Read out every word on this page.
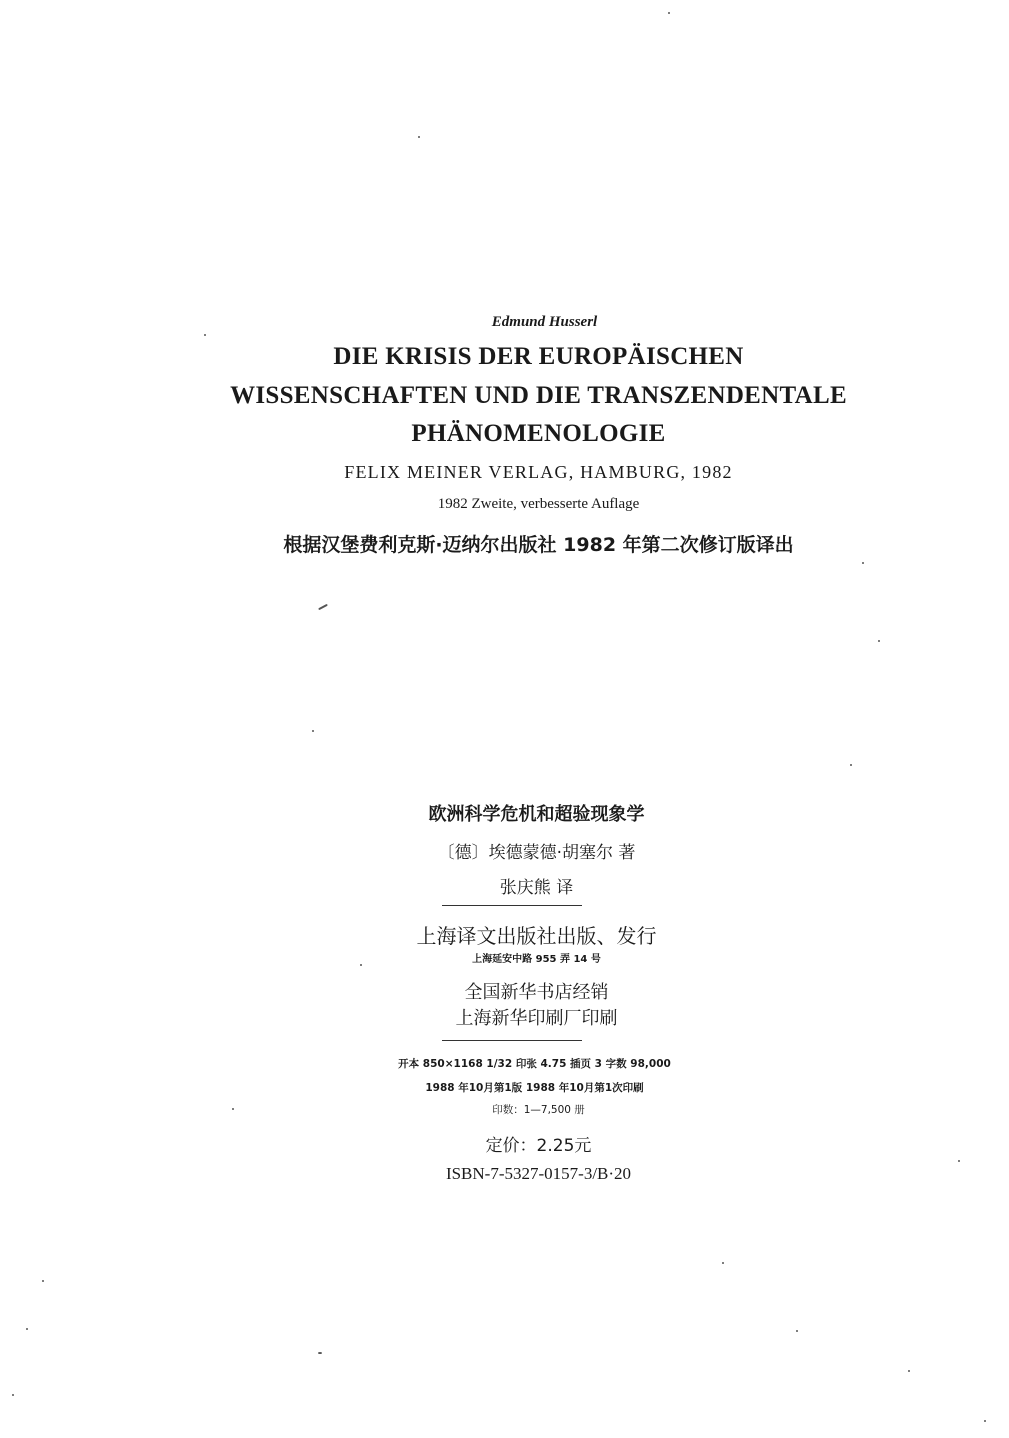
Edmund Husserl
DIE KRISIS DER EUROPÄISCHEN
WISSENSCHAFTEN UND DIE TRANSZENDENTALE
PHÄNOMENOLOGIE
FELIX MEINER VERLAG, HAMBURG, 1982
1982 Zweite, verbesserte Auflage
根据汉堡费利克斯·迈纳尔出版社 1982 年第二次修订版译出
欧洲科学危机和超验现象学
〔德〕埃德蒙德·胡塞尔 著
张庆熊 译
上海译文出版社出版、发行
上海延安中路 955 弄 14 号
全国新华书店经销
上海新华印刷厂印刷
开本 850×1168 1/32 印张 4.75 插页 3 字数 98,000
1988 年10月第1版 1988 年10月第1次印刷
印数：1—7,500 册
定价：2.25元
ISBN-7-5327-0157-3/B·20
